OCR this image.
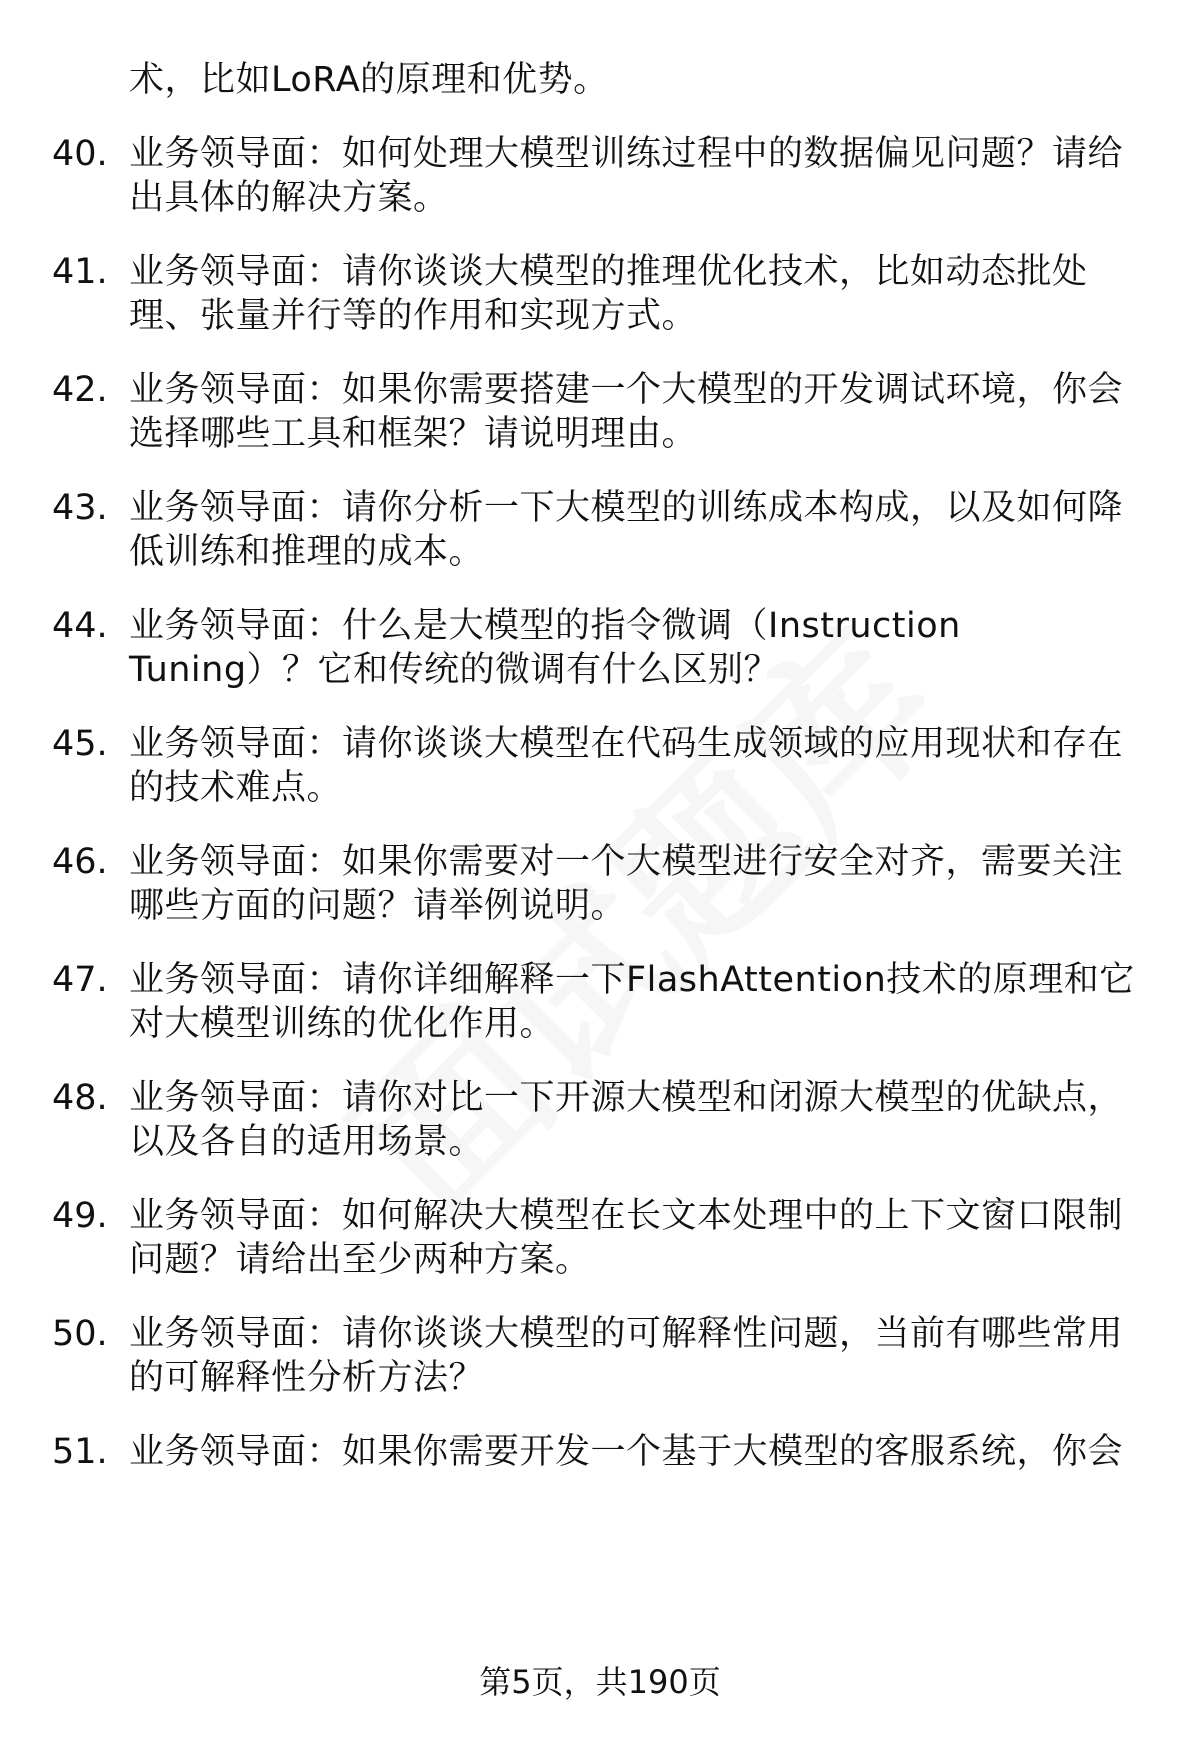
术，比如LoRA的原理和优势。
40. 业务领导面：如何处理大模型训练过程中的数据偏见问题？请给
出具体的解决方案。
41. 业务领导面：请你谈谈大模型的推理优化技术，比如动态批处
理、张量并行等的作用和实现方式。
42. 业务领导面：如果你需要搭建一个大模型的开发调试环境，你会
选择哪些工具和框架？请说明理由。
43. 业务领导面：请你分析一下大模型的训练成本构成，以及如何降
低训练和推理的成本。
44. 业务领导面：什么是大模型的指令微调（Instruction
Tuning）？它和传统的微调有什么区别？
45. 业务领导面：请你谈谈大模型在代码生成领域的应用现状和存在
的技术难点。
46. 业务领导面：如果你需要对一个大模型进行安全对齐，需要关注
哪些方面的问题？请举例说明。
47. 业务领导面：请你详细解释一下FlashAttention技术的原理和它
对大模型训练的优化作用。
48. 业务领导面：请你对比一下开源大模型和闭源大模型的优缺点，
以及各自的适用场景。
49. 业务领导面：如何解决大模型在长文本处理中的上下文窗口限制
问题？请给出至少两种方案。
50. 业务领导面：请你谈谈大模型的可解释性问题，当前有哪些常用
的可解释性分析方法？
51. 业务领导面：如果你需要开发一个基于大模型的客服系统，你会
第5页，共190页
